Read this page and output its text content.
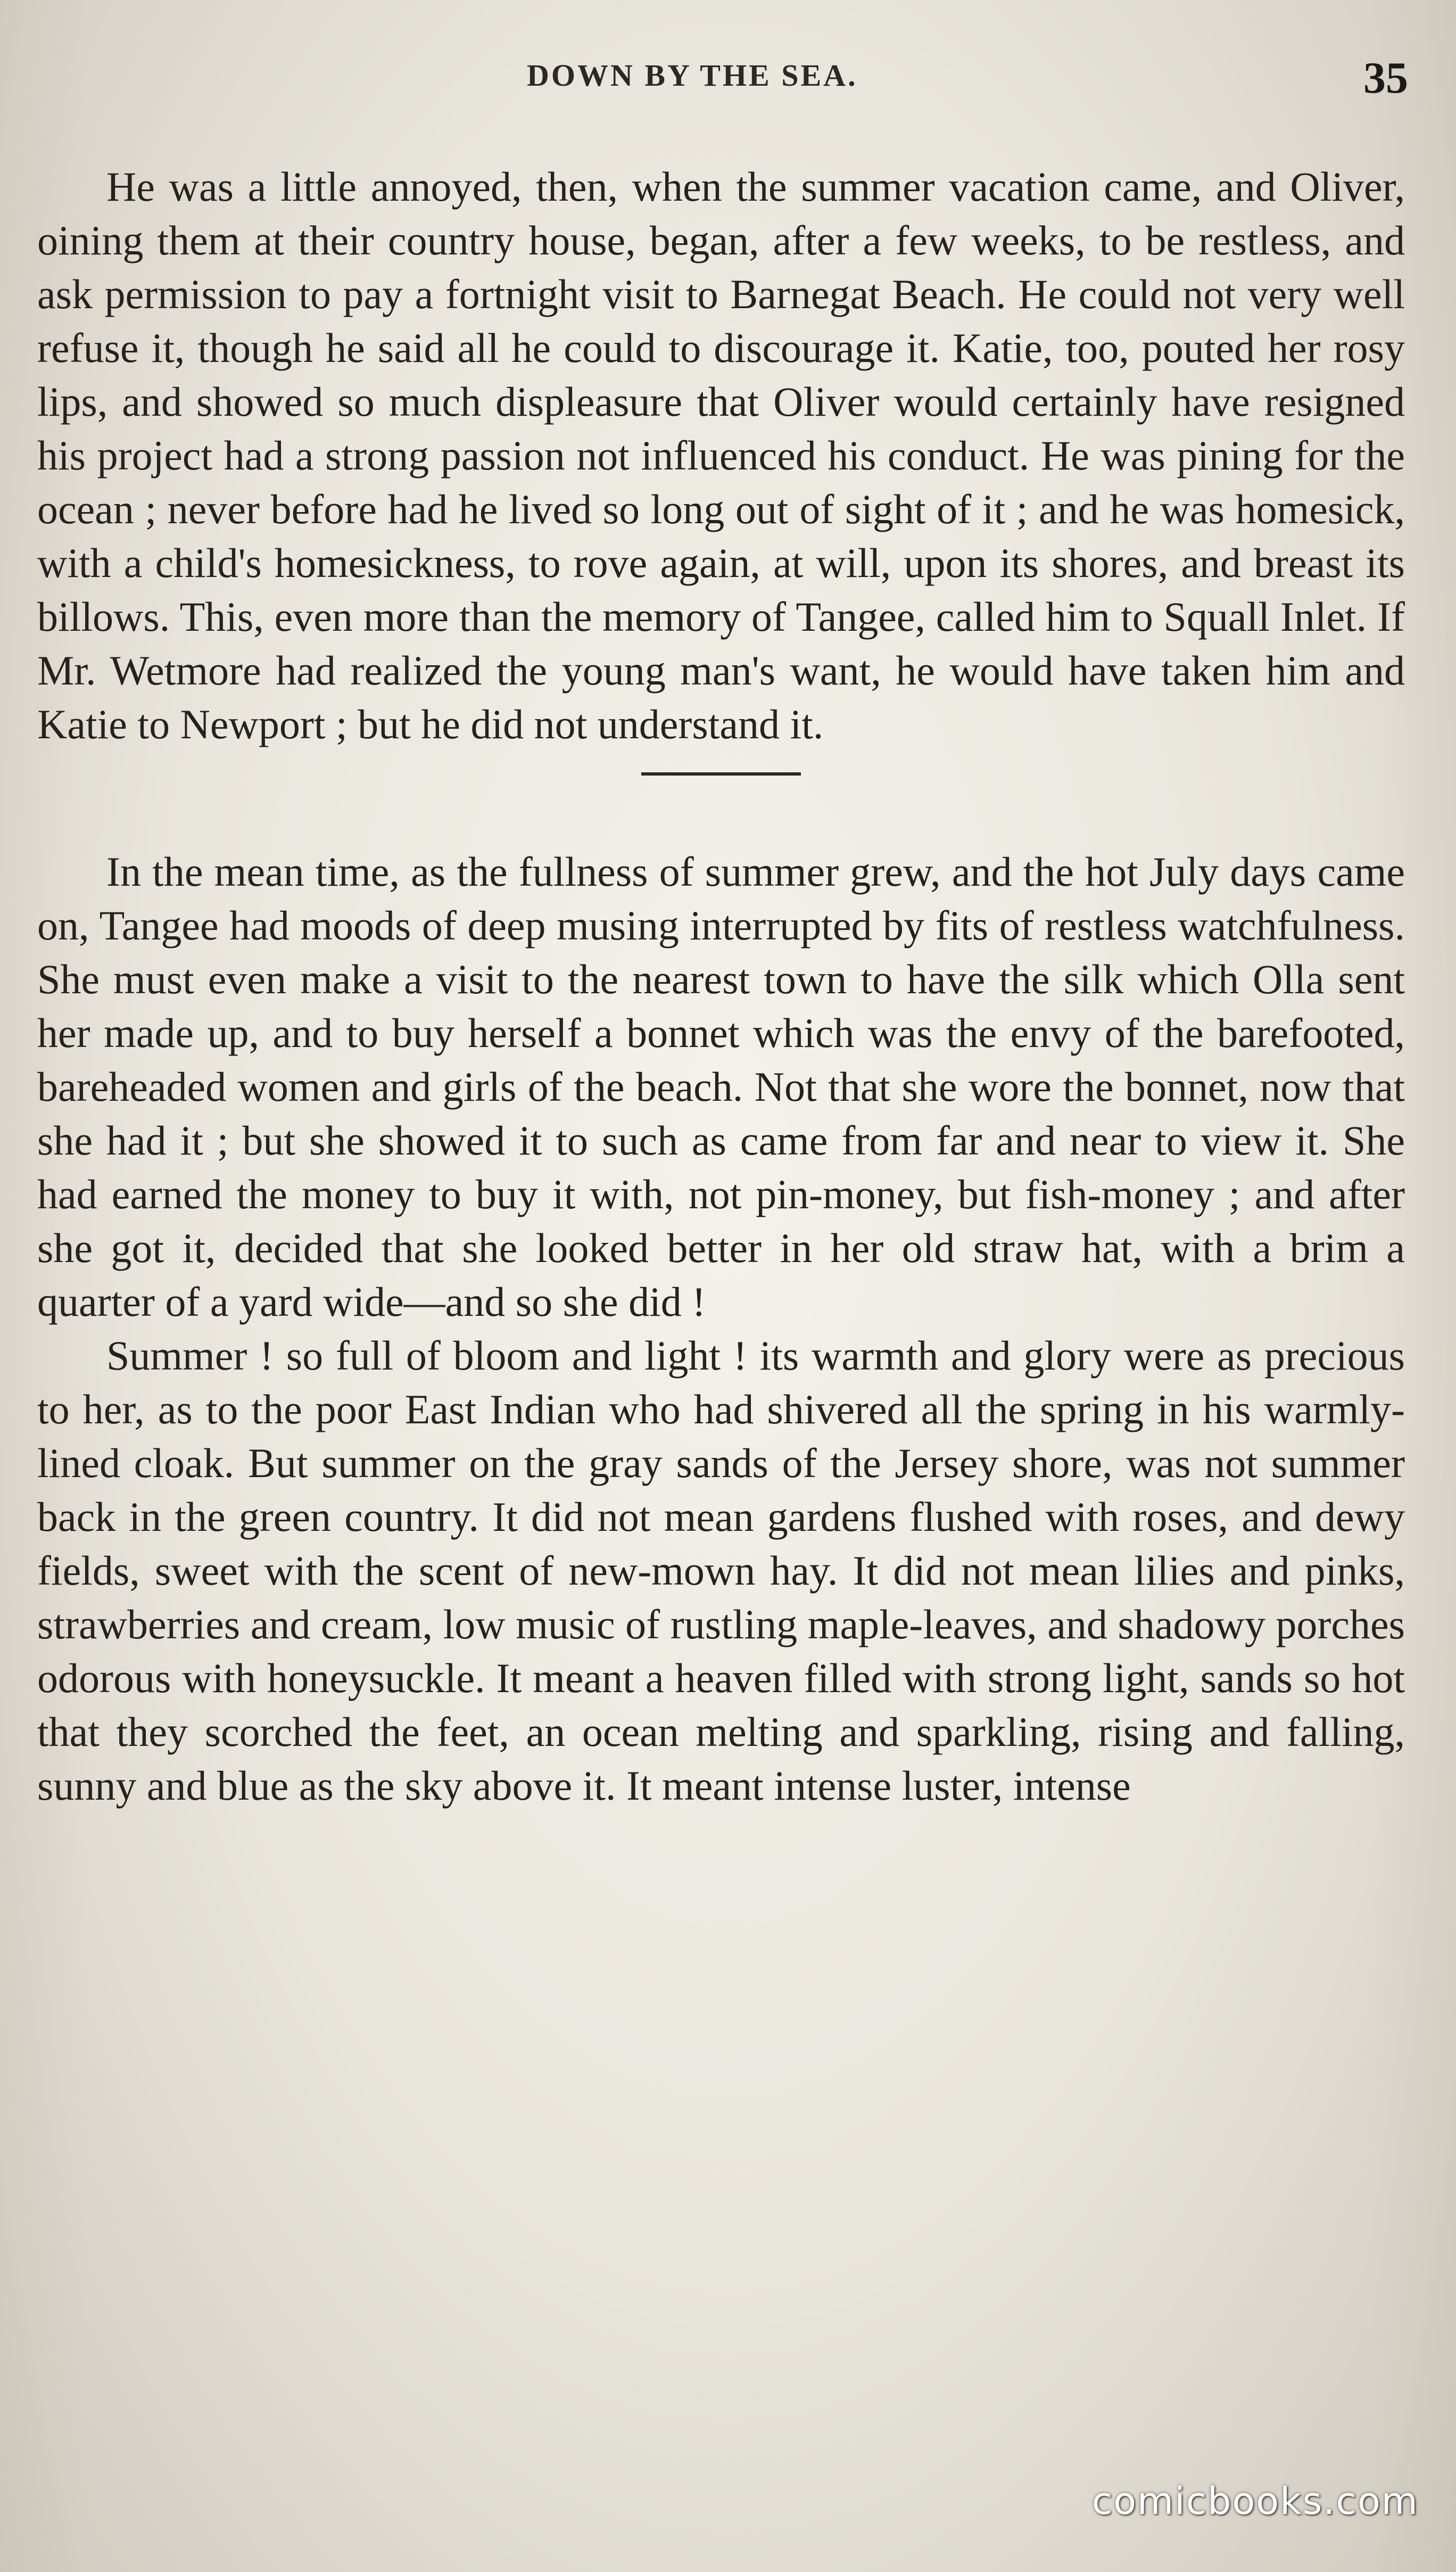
DOWN BY THE SEA.	35

He was a little annoyed, then, when the summer vacation came, and Oliver, oining them at their country house, began, after a few weeks, to be restless, and ask permission to pay a fortnight visit to Barnegat Beach. He could not very well refuse it, though he said all he could to discourage it. Katie, too, pouted her rosy lips, and showed so much displeasure that Oliver would certainly have resigned his project had a strong passion not influenced his conduct. He was pining for the ocean ; never before had he lived so long out of sight of it ; and he was homesick, with a child's homesickness, to rove again, at will, upon its shores, and breast its billows. This, even more than the memory of Tangee, called him to Squall Inlet. If Mr. Wetmore had realized the young man's want, he would have taken him and Katie to Newport ; but he did not understand it.

In the mean time, as the fullness of summer grew, and the hot July days came on, Tangee had moods of deep musing interrupted by fits of restless watchfulness. She must even make a visit to the nearest town to have the silk which Olla sent her made up, and to buy herself a bonnet which was the envy of the barefooted, bareheaded women and girls of the beach. Not that she wore the bonnet, now that she had it ; but she showed it to such as came from far and near to view it. She had earned the money to buy it with, not pin-money, but fish-money ; and after she got it, decided that she looked better in her old straw hat, with a brim a quarter of a yard wide—and so she did !

Summer ! so full of bloom and light ! its warmth and glory were as precious to her, as to the poor East Indian who had shivered all the spring in his warmly-lined cloak. But summer on the gray sands of the Jersey shore, was not summer back in the green country. It did not mean gardens flushed with roses, and dewy fields, sweet with the scent of new-mown hay. It did not mean lilies and pinks, strawberries and cream, low music of rustling maple-leaves, and shadowy porches odorous with honeysuckle. It meant a heaven filled with strong light, sands so hot that they scorched the feet, an ocean melting and sparkling, rising and falling, sunny and blue as the sky above it. It meant intense luster, intense

comicbooks.com
